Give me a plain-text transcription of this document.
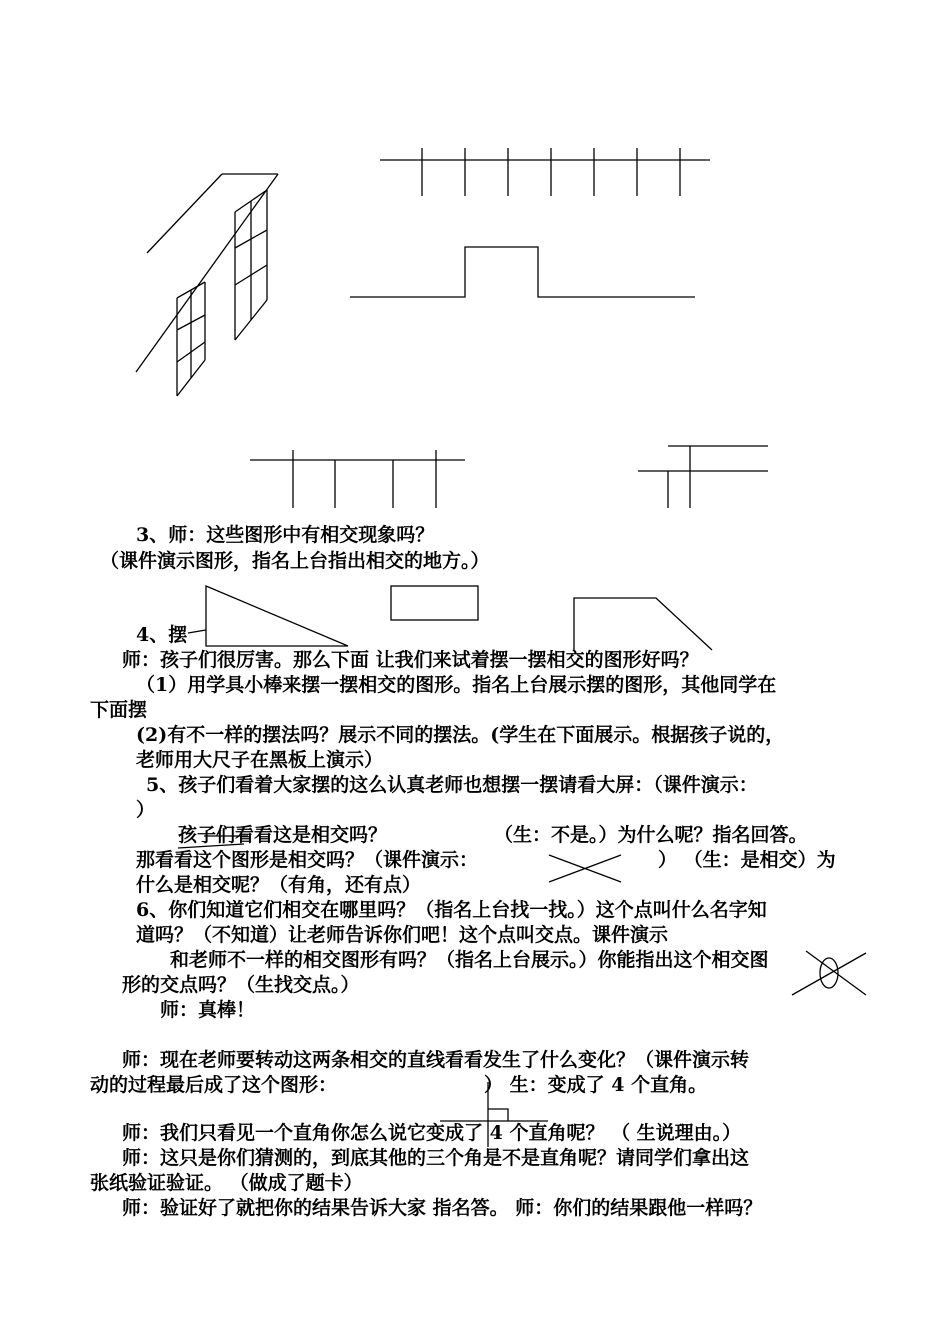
3、师：这些图形中有相交现象吗？
（课件演示图形，指名上台指出相交的地方。）
4、摆
师：孩子们很厉害。那么下面 让我们来试着摆一摆相交的图形好吗？
（1）用学具小棒来摆一摆相交的图形。指名上台展示摆的图形，其他同学在
下面摆
(2)有不一样的摆法吗？展示不同的摆法。(学生在下面展示。根据孩子说的，
老师用大尺子在黑板上演示）
5、孩子们看着大家摆的这么认真老师也想摆一摆请看大屏：（课件演示：
）
孩子们看看这是相交吗？	（生：不是。）为什么呢？指名回答。
那看看这个图形是相交吗？（课件演示：	） （生：是相交）为
什么是相交呢？（有角，还有点）
6、你们知道它们相交在哪里吗？（指名上台找一找。）这个点叫什么名字知
道吗？（不知道）让老师告诉你们吧！这个点叫交点。课件演示
和老师不一样的相交图形有吗？（指名上台展示。）你能指出这个相交图
形的交点吗？（生找交点。）
师：真棒！
师：现在老师要转动这两条相交的直线看看发生了什么变化？（课件演示转
动的过程最后成了这个图形：	） 生：变成了 4 个直角。
师：我们只看见一个直角你怎么说它变成了 4 个直角呢？ （ 生说理由。）
师：这只是你们猜测的，到底其他的三个角是不是直角呢？请同学们拿出这
张纸验证验证。 （做成了题卡）
师：验证好了就把你的结果告诉大家 指名答。 师：你们的结果跟他一样吗？
